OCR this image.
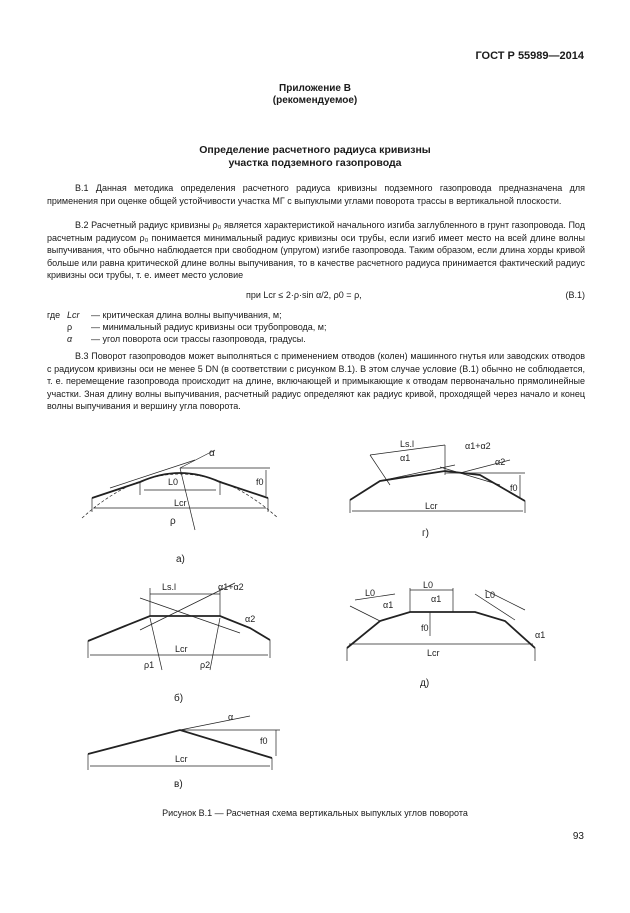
ГОСТ Р 55989—2014
Приложение В
(рекомендуемое)
Определение расчетного радиуса кривизны
участка подземного газопровода

В.1 Данная методика определения расчетного радиуса кривизны подземного газопровода предназначена для применения при оценке общей устойчивости участка МГ с выпуклыми углами поворота трассы в вертикальной плоскости.

В.2 Расчетный радиус кривизны ρ₀ является характеристикой начального изгиба заглубленного в грунт газопровода. Под расчетным радиусом ρ₀ понимается минимальный радиус кривизны оси трубы, если изгиб имеет место на всей длине волны выпучивания, что обычно наблюдается при свободном (упругом) изгибе газопровода. Таким образом, если длина хорды кривой больше или равна критической длине волны выпучивания, то в качестве расчетного радиуса принимается фактический радиус кривизны оси трубы, т. е. имеет место условие

при Lcr ≤ 2·ρ·sin α/2, ρ0 = ρ,	(В.1)
где Lcr	— критическая длина волны выпучивания, м;
ρ	— минимальный радиус кривизны оси трубопровода, м;
α	— угол поворота оси трассы газопровода, градусы.

В.3 Поворот газопроводов может выполняться с применением отводов (колен) машинного гнутья или заводских отводов с радиусом кривизны оси не менее 5 DN (в соответствии с рисунком В.1). В этом случае условие (В.1) обычно не соблюдается, т. е. перемещение газопровода происходит на длине, включающей и примыкающие к отводам первоначально прямолинейные участки. Зная длину волны выпучивания, расчетный радиус определяют как радиус кривой, проходящей через начало и конец волны выпучивания и вершину угла поворота.

α
L0	f0
Lcr
ρ
а)
Ls.l
α1
α1+α2
α2
f0
Lcr
г)
Ls.l	α1+α2
α2
Lcr
ρ1	ρ2
б)
L0
α1
L0
α1	L0
α1
f0
Lcr
д)
α
f0
Lcr
в)
Рисунок В.1 — Расчетная схема вертикальных выпуклых углов поворота
93
